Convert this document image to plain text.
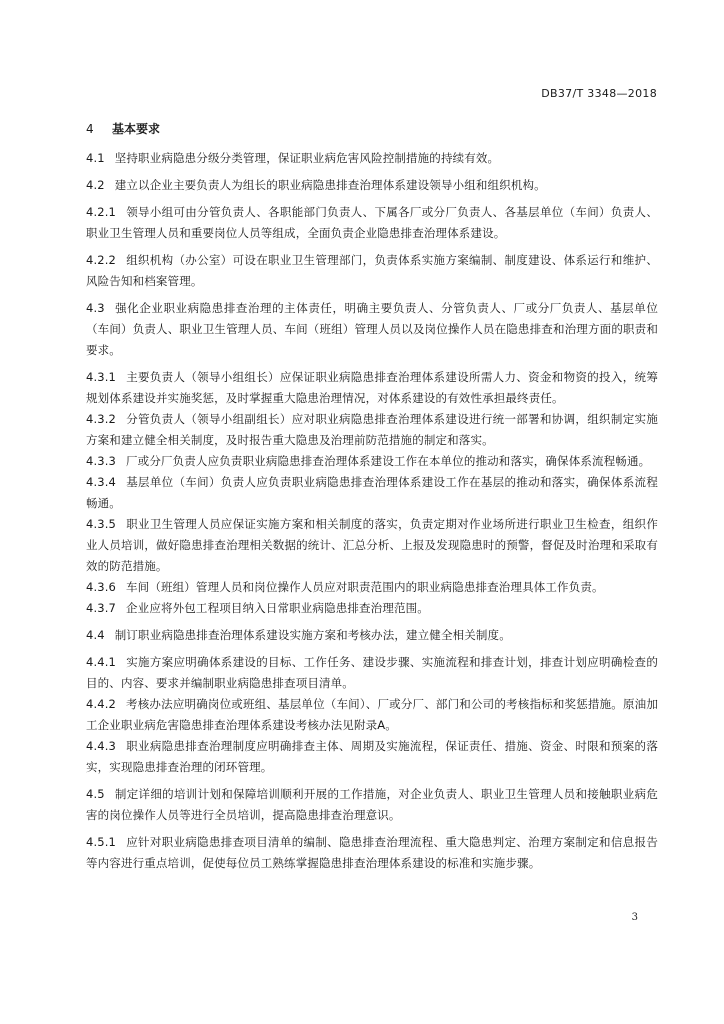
DB37/T 3348—2018
4 基本要求

4.1 坚持职业病隐患分级分类管理，保证职业病危害风险控制措施的持续有效。

4.2 建立以企业主要负责人为组长的职业病隐患排查治理体系建设领导小组和组织机构。

4.2.1 领导小组可由分管负责人、各职能部门负责人、下属各厂或分厂负责人、各基层单位（车间）负责人、职业卫生管理人员和重要岗位人员等组成，全面负责企业隐患排查治理体系建设。

4.2.2 组织机构（办公室）可设在职业卫生管理部门，负责体系实施方案编制、制度建设、体系运行和维护、风险告知和档案管理。

4.3 强化企业职业病隐患排查治理的主体责任，明确主要负责人、分管负责人、厂或分厂负责人、基层单位（车间）负责人、职业卫生管理人员、车间（班组）管理人员以及岗位操作人员在隐患排查和治理方面的职责和要求。

4.3.1 主要负责人（领导小组组长）应保证职业病隐患排查治理体系建设所需人力、资金和物资的投入，统筹规划体系建设并实施奖惩，及时掌握重大隐患治理情况，对体系建设的有效性承担最终责任。

4.3.2 分管负责人（领导小组副组长）应对职业病隐患排查治理体系建设进行统一部署和协调，组织制定实施方案和建立健全相关制度，及时报告重大隐患及治理前防范措施的制定和落实。

4.3.3 厂或分厂负责人应负责职业病隐患排查治理体系建设工作在本单位的推动和落实，确保体系流程畅通。

4.3.4 基层单位（车间）负责人应负责职业病隐患排查治理体系建设工作在基层的推动和落实，确保体系流程畅通。

4.3.5 职业卫生管理人员应保证实施方案和相关制度的落实，负责定期对作业场所进行职业卫生检查，组织作业人员培训，做好隐患排查治理相关数据的统计、汇总分析、上报及发现隐患时的预警，督促及时治理和采取有效的防范措施。

4.3.6 车间（班组）管理人员和岗位操作人员应对职责范围内的职业病隐患排查治理具体工作负责。

4.3.7 企业应将外包工程项目纳入日常职业病隐患排查治理范围。

4.4 制订职业病隐患排查治理体系建设实施方案和考核办法，建立健全相关制度。

4.4.1 实施方案应明确体系建设的目标、工作任务、建设步骤、实施流程和排查计划，排查计划应明确检查的目的、内容、要求并编制职业病隐患排查项目清单。

4.4.2 考核办法应明确岗位或班组、基层单位（车间）、厂或分厂、部门和公司的考核指标和奖惩措施。原油加工企业职业病危害隐患排查治理体系建设考核办法见附录A。

4.4.3 职业病隐患排查治理制度应明确排查主体、周期及实施流程，保证责任、措施、资金、时限和预案的落实，实现隐患排查治理的闭环管理。

4.5 制定详细的培训计划和保障培训顺利开展的工作措施，对企业负责人、职业卫生管理人员和接触职业病危害的岗位操作人员等进行全员培训，提高隐患排查治理意识。

4.5.1 应针对职业病隐患排查项目清单的编制、隐患排查治理流程、重大隐患判定、治理方案制定和信息报告等内容进行重点培训，促使每位员工熟练掌握隐患排查治理体系建设的标准和实施步骤。

3
